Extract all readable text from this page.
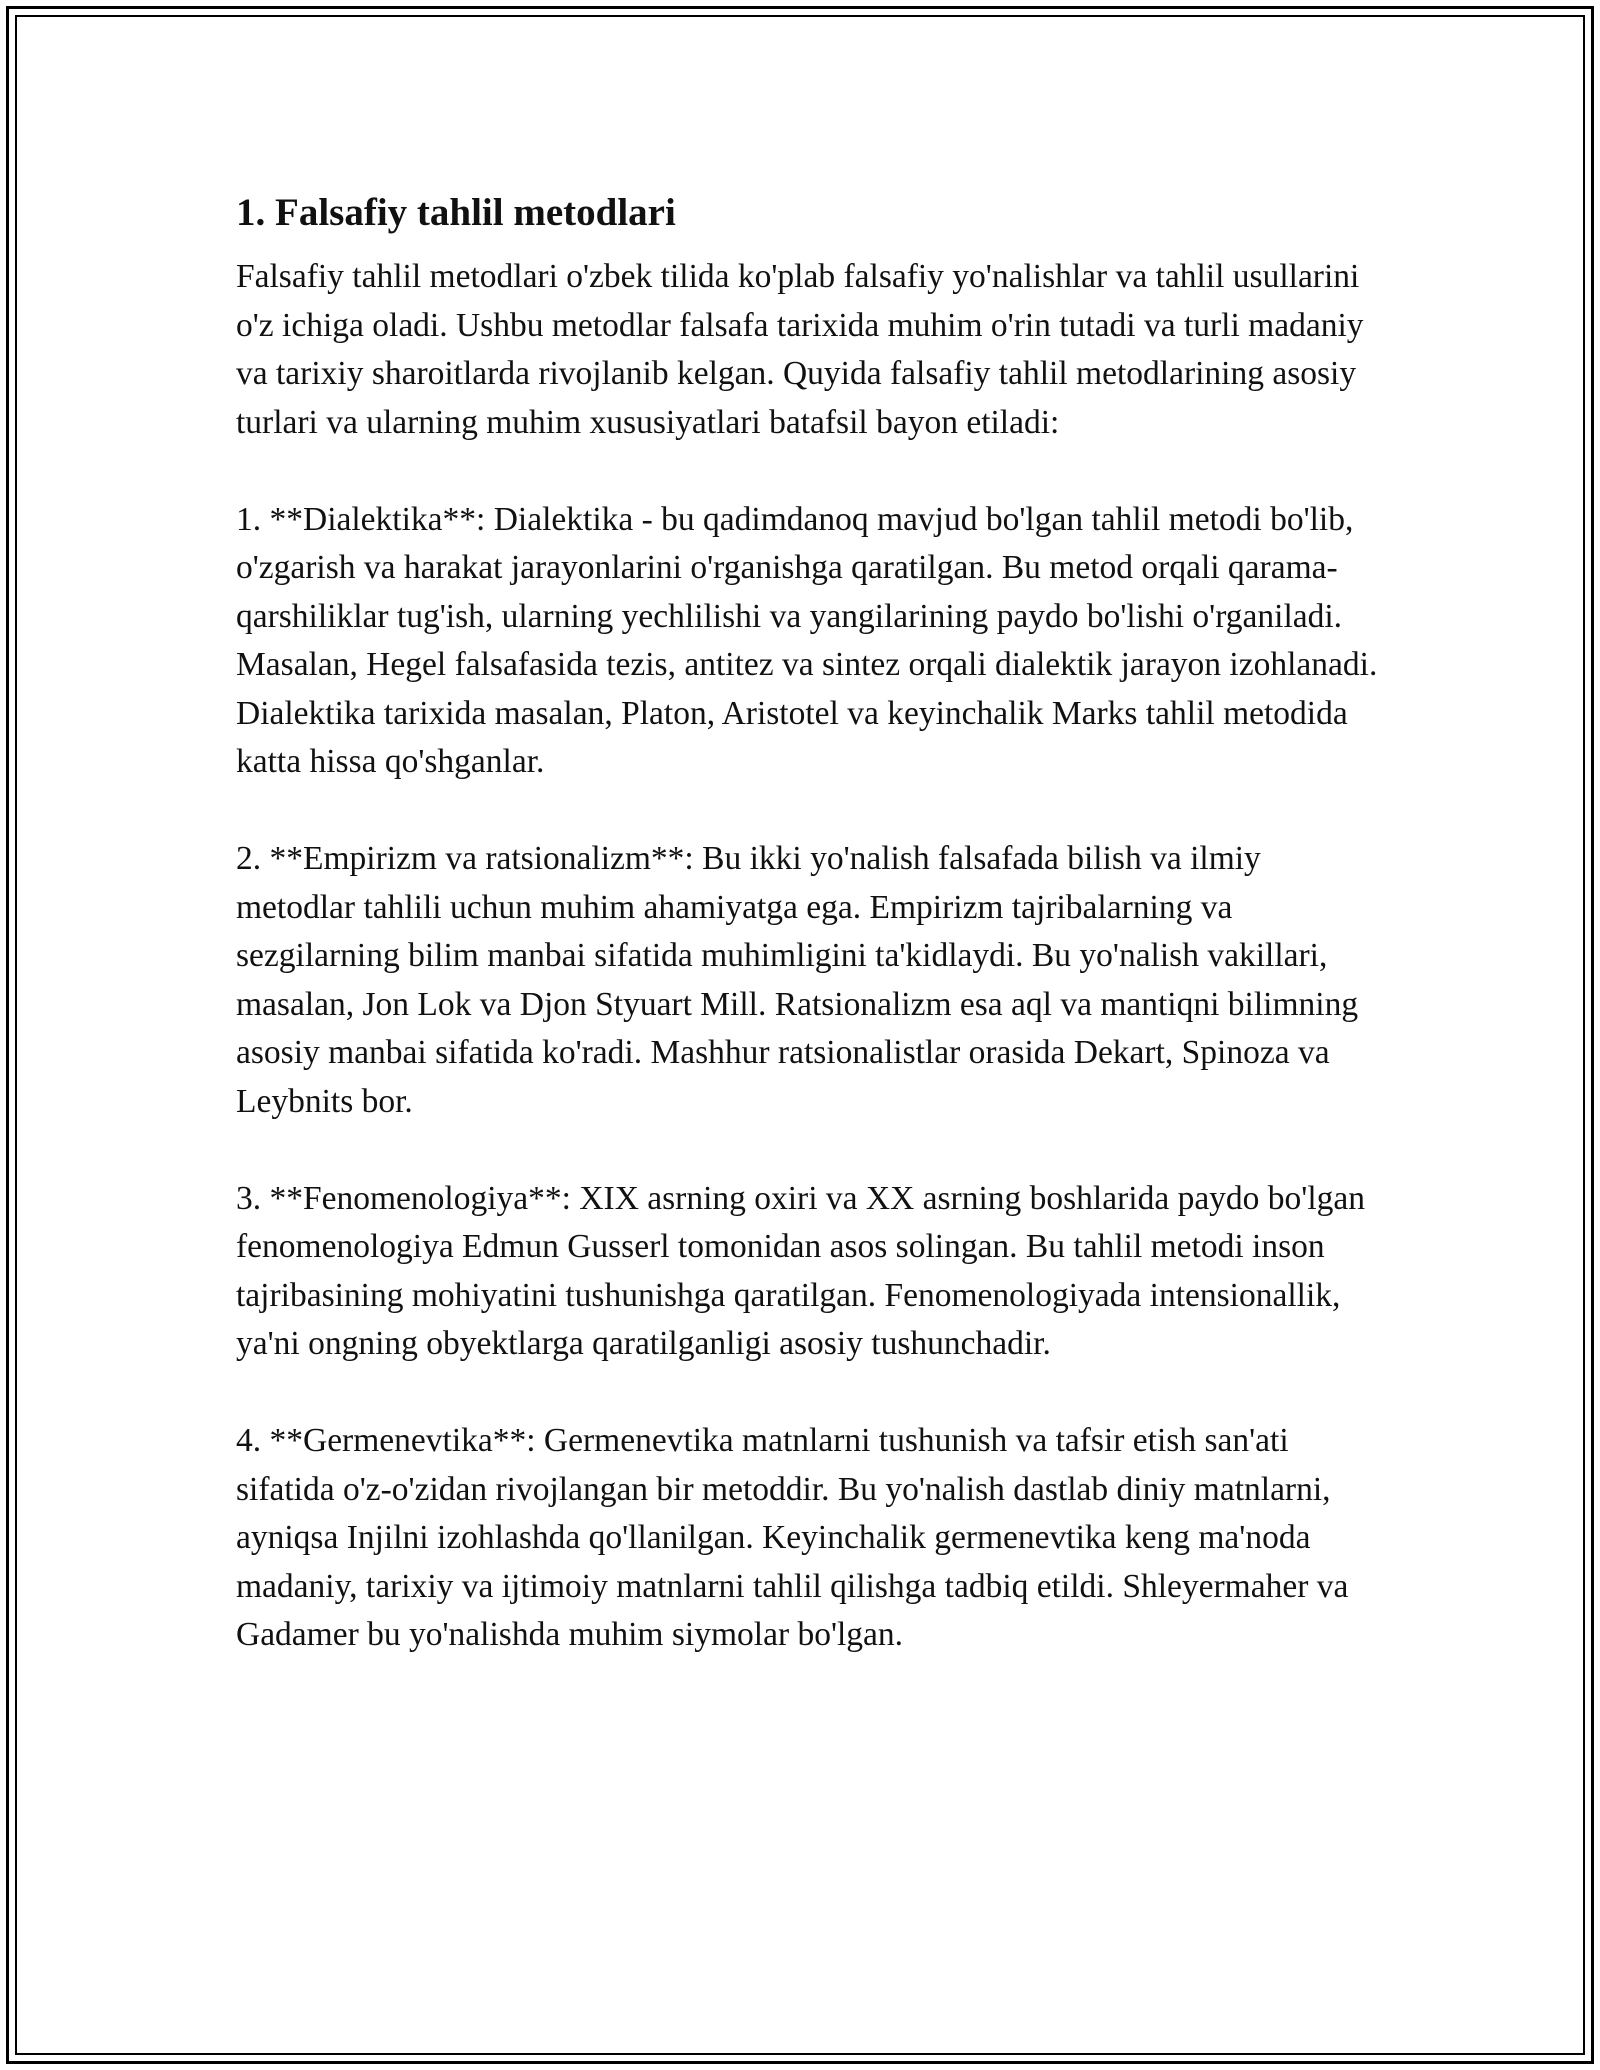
1. Falsafiy tahlil metodlari

Falsafiy tahlil metodlari o'zbek tilida ko'plab falsafiy yo'nalishlar va tahlil usullarini o'z ichiga oladi. Ushbu metodlar falsafa tarixida muhim o'rin tutadi va turli madaniy va tarixiy sharoitlarda rivojlanib kelgan. Quyida falsafiy tahlil metodlarining asosiy turlari va ularning muhim xususiyatlari batafsil bayon etiladi:

1. **Dialektika**: Dialektika - bu qadimdanoq mavjud bo'lgan tahlil metodi bo'lib, o'zgarish va harakat jarayonlarini o'rganishga qaratilgan. Bu metod orqali qarama-qarshiliklar tug'ish, ularning yechlilishi va yangilarining paydo bo'lishi o'rganiladi. Masalan, Hegel falsafasida tezis, antitez va sintez orqali dialektik jarayon izohlanadi. Dialektika tarixida masalan, Platon, Aristotel va keyinchalik Marks tahlil metodida katta hissa qo'shganlar.

2. **Empirizm va ratsionalizm**: Bu ikki yo'nalish falsafada bilish va ilmiy metodlar tahlili uchun muhim ahamiyatga ega. Empirizm tajribalarning va sezgilarning bilim manbai sifatida muhimligini ta'kidlaydi. Bu yo'nalish vakillari, masalan, Jon Lok va Djon Styuart Mill. Ratsionalizm esa aql va mantiqni bilimning asosiy manbai sifatida ko'radi. Mashhur ratsionalistlar orasida Dekart, Spinoza va Leybnits bor.

3. **Fenomenologiya**: XIX asrning oxiri va XX asrning boshlarida paydo bo'lgan fenomenologiya Edmun Gusserl tomonidan asos solingan. Bu tahlil metodi inson tajribasining mohiyatini tushunishga qaratilgan. Fenomenologiyada intensionallik, ya'ni ongning obyektlarga qaratilganligi asosiy tushunchadir.

4. **Germenevtika**: Germenevtika matnlarni tushunish va tafsir etish san'ati sifatida o'z-o'zidan rivojlangan bir metoddir. Bu yo'nalish dastlab diniy matnlarni, ayniqsa Injilni izohlashda qo'llanilgan. Keyinchalik germenevtika keng ma'noda madaniy, tarixiy va ijtimoiy matnlarni tahlil qilishga tadbiq etildi. Shleyermaher va Gadamer bu yo'nalishda muhim siymolar bo'lgan.
